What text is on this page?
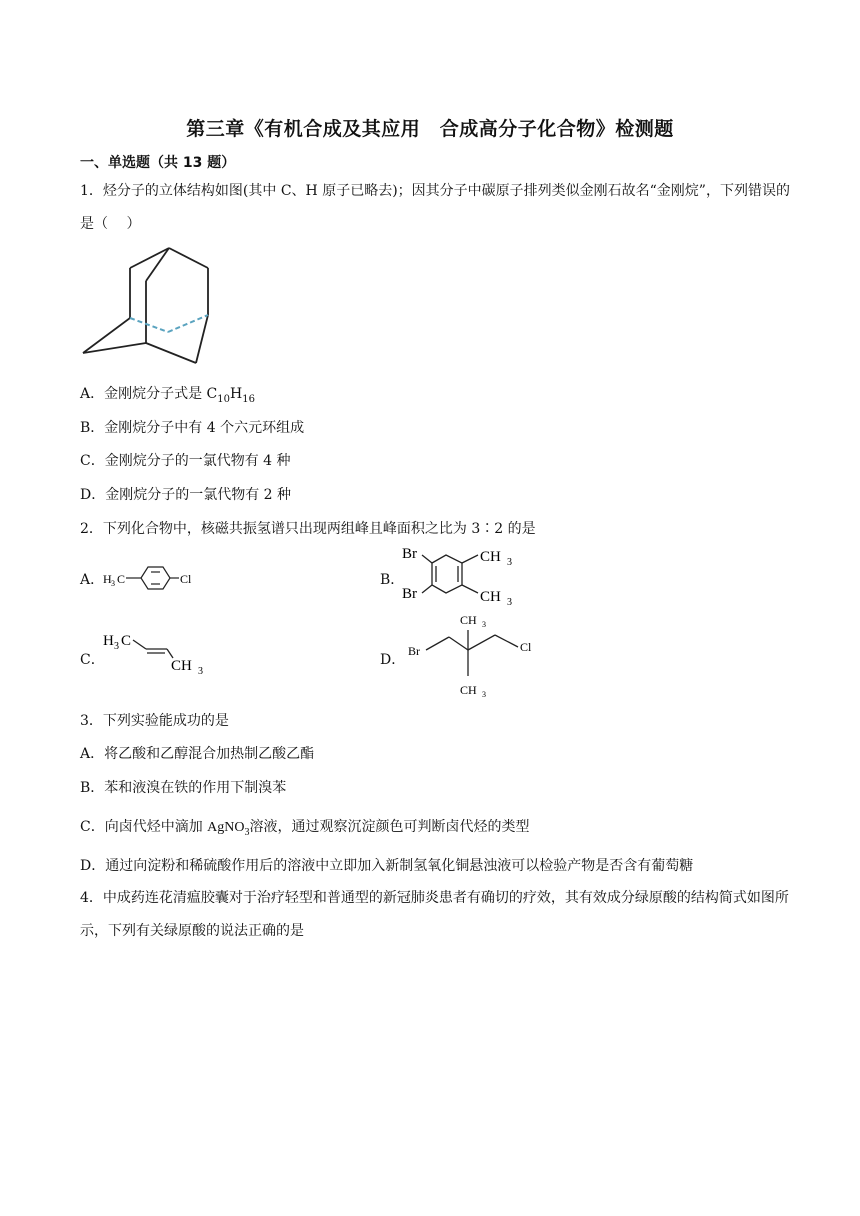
第三章《有机合成及其应用　合成高分子化合物》检测题
一、单选题（共 13 题）
1．烃分子的立体结构如图(其中 C、H 原子已略去)；因其分子中碳原子排列类似金刚石故名“金刚烷”，下列错误的是（　 ）
A．金刚烷分子式是 $C_{10}H_{16}$
B．金刚烷分子中有 4 个六元环组成
C．金刚烷分子的一氯代物有 4 种
D．金刚烷分子的一氯代物有 2 种
2．下列化合物中，核磁共振氢谱只出现两组峰且峰面积之比为 3∶2 的是
A．
H 3 C	Cl	B．
Br
Br
CH 3
CH 3
C．
H 3 C
CH 3
D．
CH 3
Br	Cl
CH 3
3．下列实验能成功的是
A．将乙酸和乙醇混合加热制乙酸乙酯
B．苯和液溴在铁的作用下制溴苯
C．向卤代烃中滴加 AgNO$_3$溶液，通过观察沉淀颜色可判断卤代烃的类型
D．通过向淀粉和稀硫酸作用后的溶液中立即加入新制氢氧化铜悬浊液可以检验产物是否含有葡萄糖
4．中成药连花清瘟胶囊对于治疗轻型和普通型的新冠肺炎患者有确切的疗效，其有效成分绿原酸的结构简式如图所示，下列有关绿原酸的说法正确的是
